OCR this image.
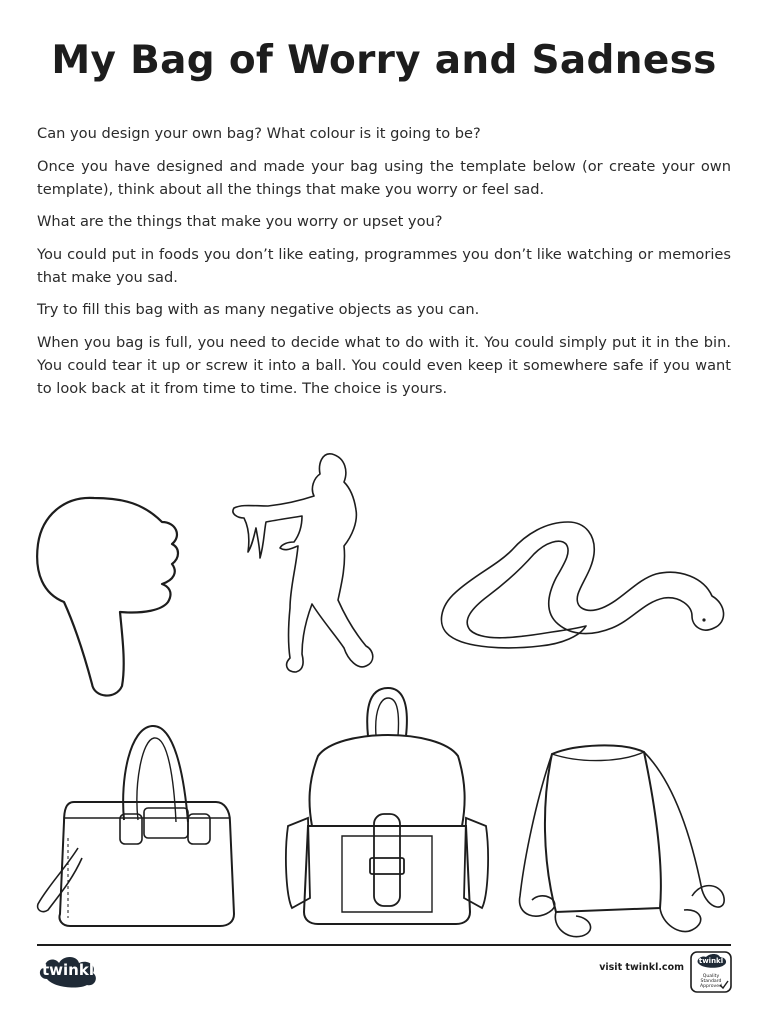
My Bag of Worry and Sadness

Can you design your own bag? What colour is it going to be?

Once you have designed and made your bag using the template below (or create your own template), think about all the things that make you worry or feel sad.

What are the things that make you worry or upset you?

You could put in foods you don’t like eating, programmes you don’t like watching or memories that make you sad.

Try to fill this bag with as many negative objects as you can.

When you bag is full, you need to decide what to do with it. You could simply put it in the bin. You could tear it up or screw it into a ball. You could even keep it somewhere safe if you want to look back at it from time to time. The choice is yours.

twinkl	visit twinkl.com
twinkl
Quality Standard Approved
